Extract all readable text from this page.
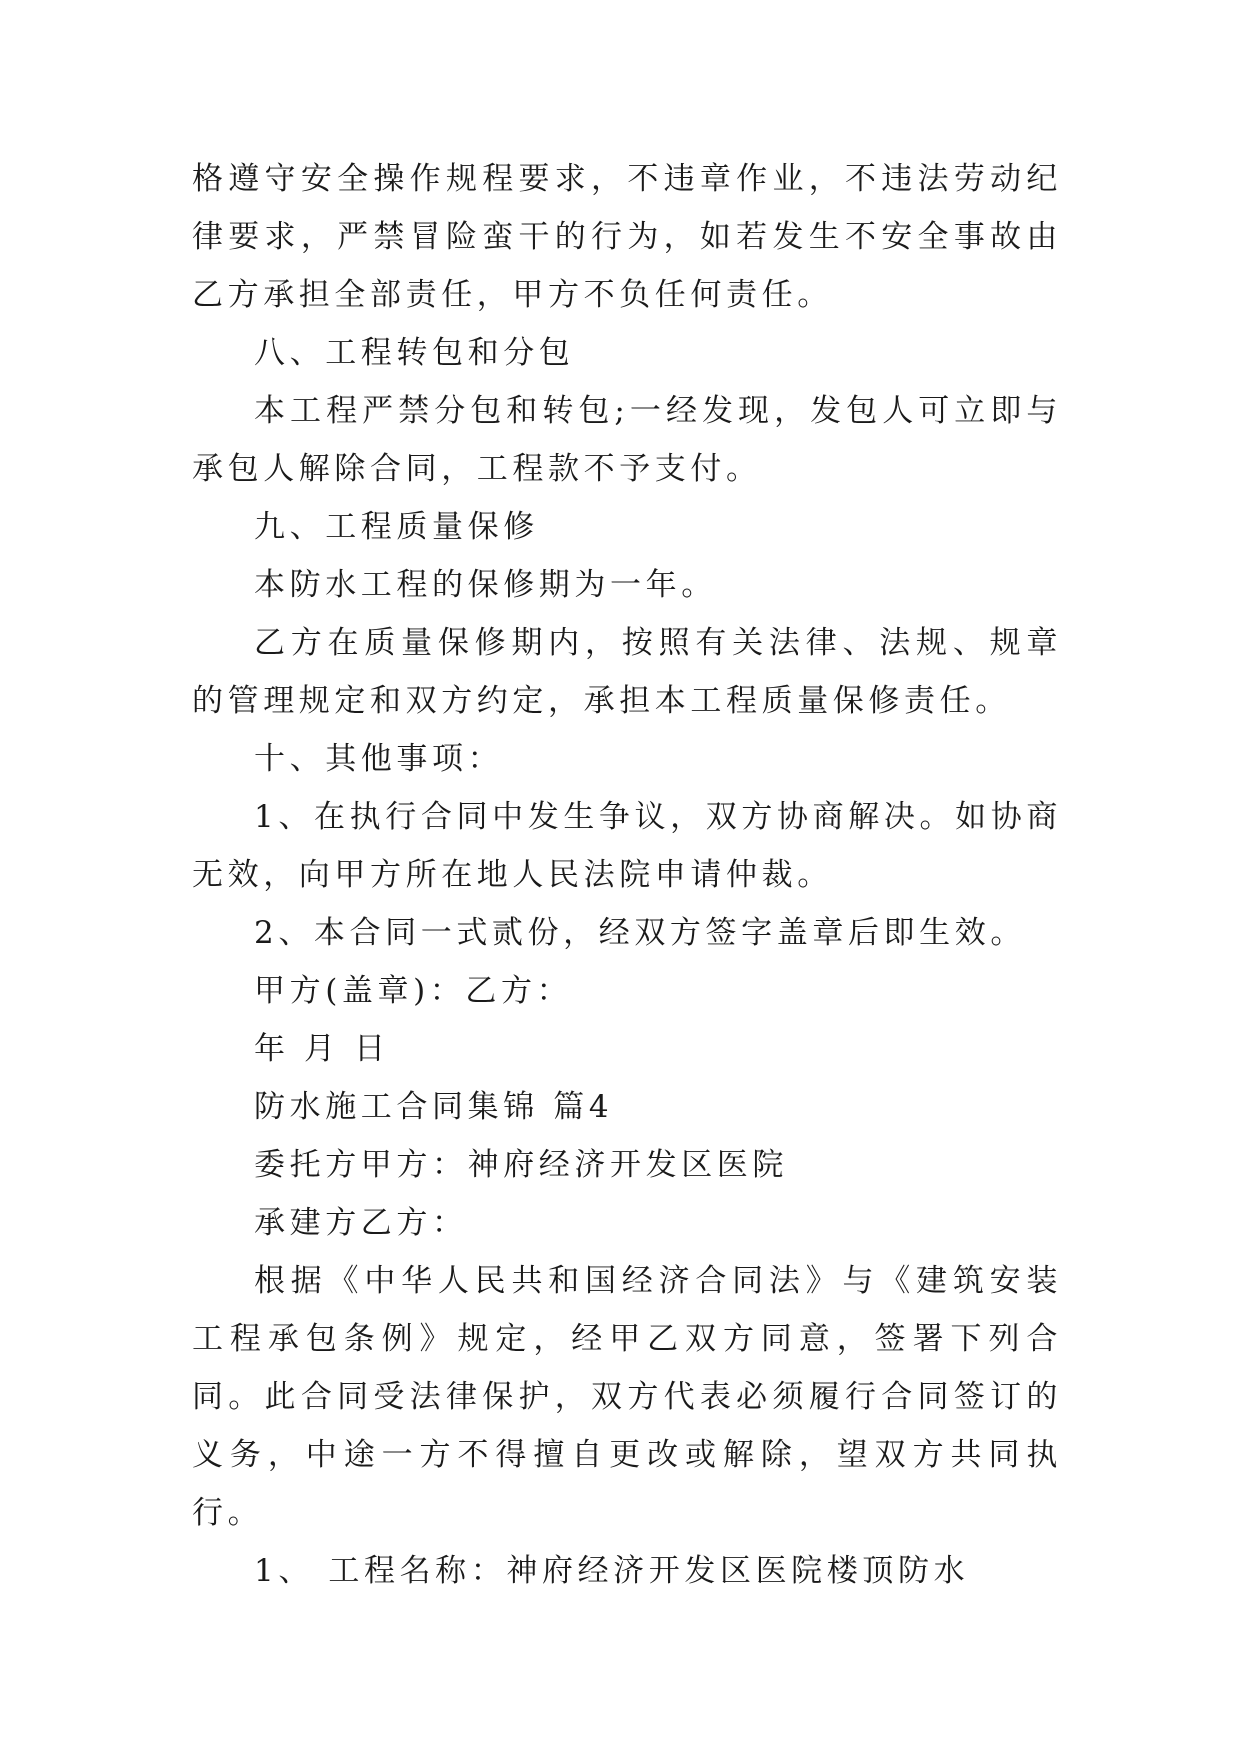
格遵守安全操作规程要求，不违章作业，不违法劳动纪律要求，严禁冒险蛮干的行为，如若发生不安全事故由乙方承担全部责任，甲方不负任何责任。

八、工程转包和分包

本工程严禁分包和转包;一经发现，发包人可立即与承包人解除合同，工程款不予支付。

九、工程质量保修

本防水工程的保修期为一年。

乙方在质量保修期内，按照有关法律、法规、规章的管理规定和双方约定，承担本工程质量保修责任。

十、其他事项：

1、在执行合同中发生争议，双方协商解决。如协商无效，向甲方所在地人民法院申请仲裁。

2、本合同一式贰份，经双方签字盖章后即生效。

甲方(盖章)：乙方：

年 月 日

防水施工合同集锦 篇4

委托方甲方：神府经济开发区医院

承建方乙方：

根据《中华人民共和国经济合同法》与《建筑安装工程承包条例》规定，经甲乙双方同意，签署下列合同。此合同受法律保护，双方代表必须履行合同签订的义务，中途一方不得擅自更改或解除，望双方共同执行。

1、 工程名称：神府经济开发区医院楼顶防水
